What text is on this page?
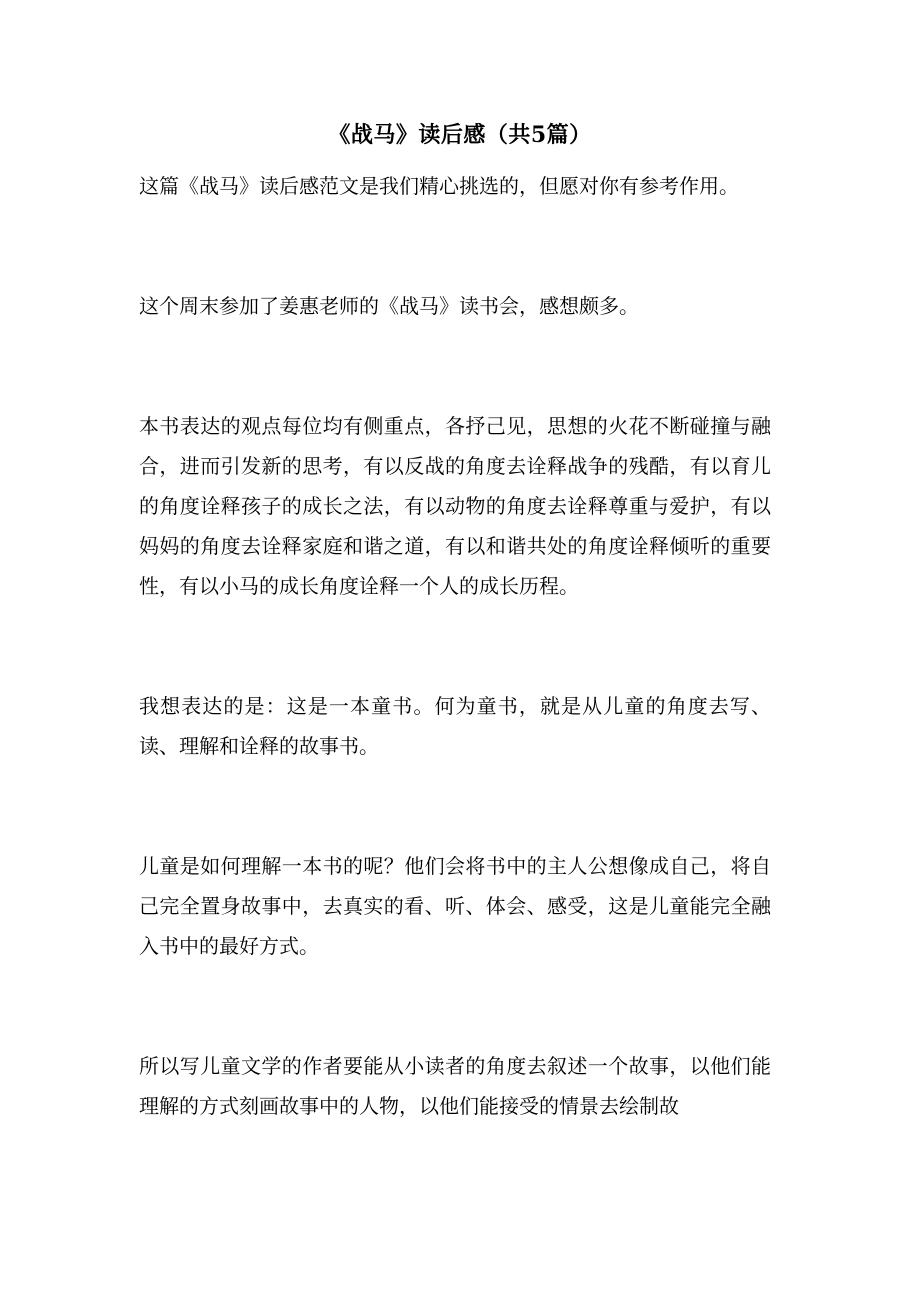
《战马》读后感（共5篇）

这篇《战马》读后感范文是我们精心挑选的，但愿对你有参考作用。

这个周末参加了姜惠老师的《战马》读书会，感想颇多。

本书表达的观点每位均有侧重点，各抒己见，思想的火花不断碰撞与融合，进而引发新的思考，有以反战的角度去诠释战争的残酷，有以育儿的角度诠释孩子的成长之法，有以动物的角度去诠释尊重与爱护，有以妈妈的角度去诠释家庭和谐之道，有以和谐共处的角度诠释倾听的重要性，有以小马的成长角度诠释一个人的成长历程。

我想表达的是：这是一本童书。何为童书，就是从儿童的角度去写、读、理解和诠释的故事书。

儿童是如何理解一本书的呢？他们会将书中的主人公想像成自己，将自己完全置身故事中，去真实的看、听、体会、感受，这是儿童能完全融入书中的最好方式。

所以写儿童文学的作者要能从小读者的角度去叙述一个故事，以他们能理解的方式刻画故事中的人物，以他们能接受的情景去绘制故
